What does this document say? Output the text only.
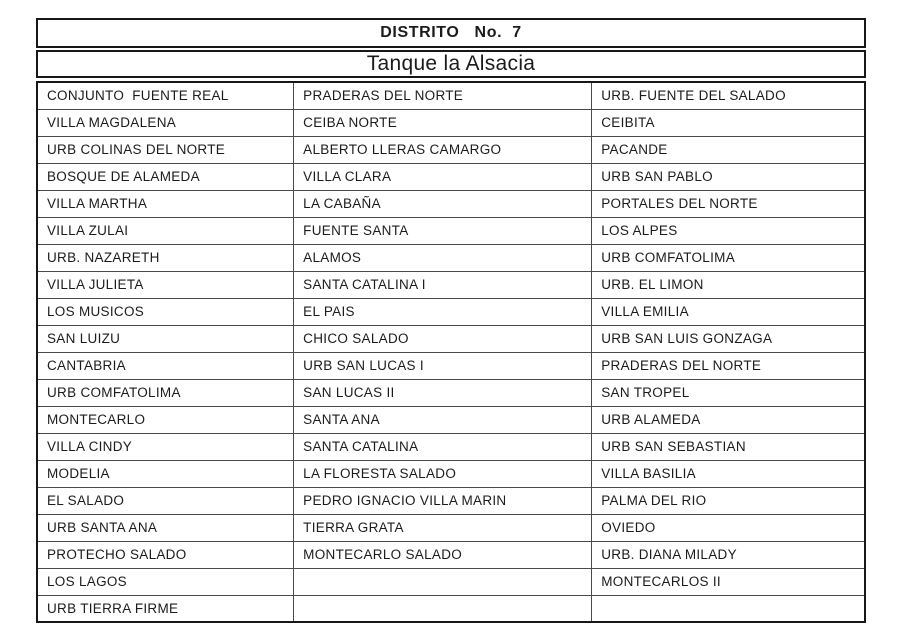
DISTRITO   No.  7
Tanque la Alsacia
CONJUNTO  FUENTE REAL	PRADERAS DEL NORTE	URB. FUENTE DEL SALADO
VILLA MAGDALENA	CEIBA NORTE	CEIBITA
URB COLINAS DEL NORTE	ALBERTO LLERAS CAMARGO	PACANDE
BOSQUE DE ALAMEDA	VILLA CLARA	URB SAN PABLO
VILLA MARTHA	LA CABAÑA	PORTALES DEL NORTE
VILLA ZULAI	FUENTE SANTA	LOS ALPES
URB. NAZARETH	ALAMOS	URB COMFATOLIMA
VILLA JULIETA	SANTA CATALINA I	URB. EL LIMON
LOS MUSICOS	EL PAIS	VILLA EMILIA
SAN LUIZU	CHICO SALADO	URB SAN LUIS GONZAGA
CANTABRIA	URB SAN LUCAS I	PRADERAS DEL NORTE
URB COMFATOLIMA	SAN LUCAS II	SAN TROPEL
MONTECARLO	SANTA ANA	URB ALAMEDA
VILLA CINDY	SANTA CATALINA	URB SAN SEBASTIAN
MODELIA	LA FLORESTA SALADO	VILLA BASILIA
EL SALADO	PEDRO IGNACIO VILLA MARIN	PALMA DEL RIO
URB SANTA ANA	TIERRA GRATA	OVIEDO
PROTECHO SALADO	MONTECARLO SALADO	URB. DIANA MILADY
LOS LAGOS		MONTECARLOS II
URB TIERRA FIRME		
